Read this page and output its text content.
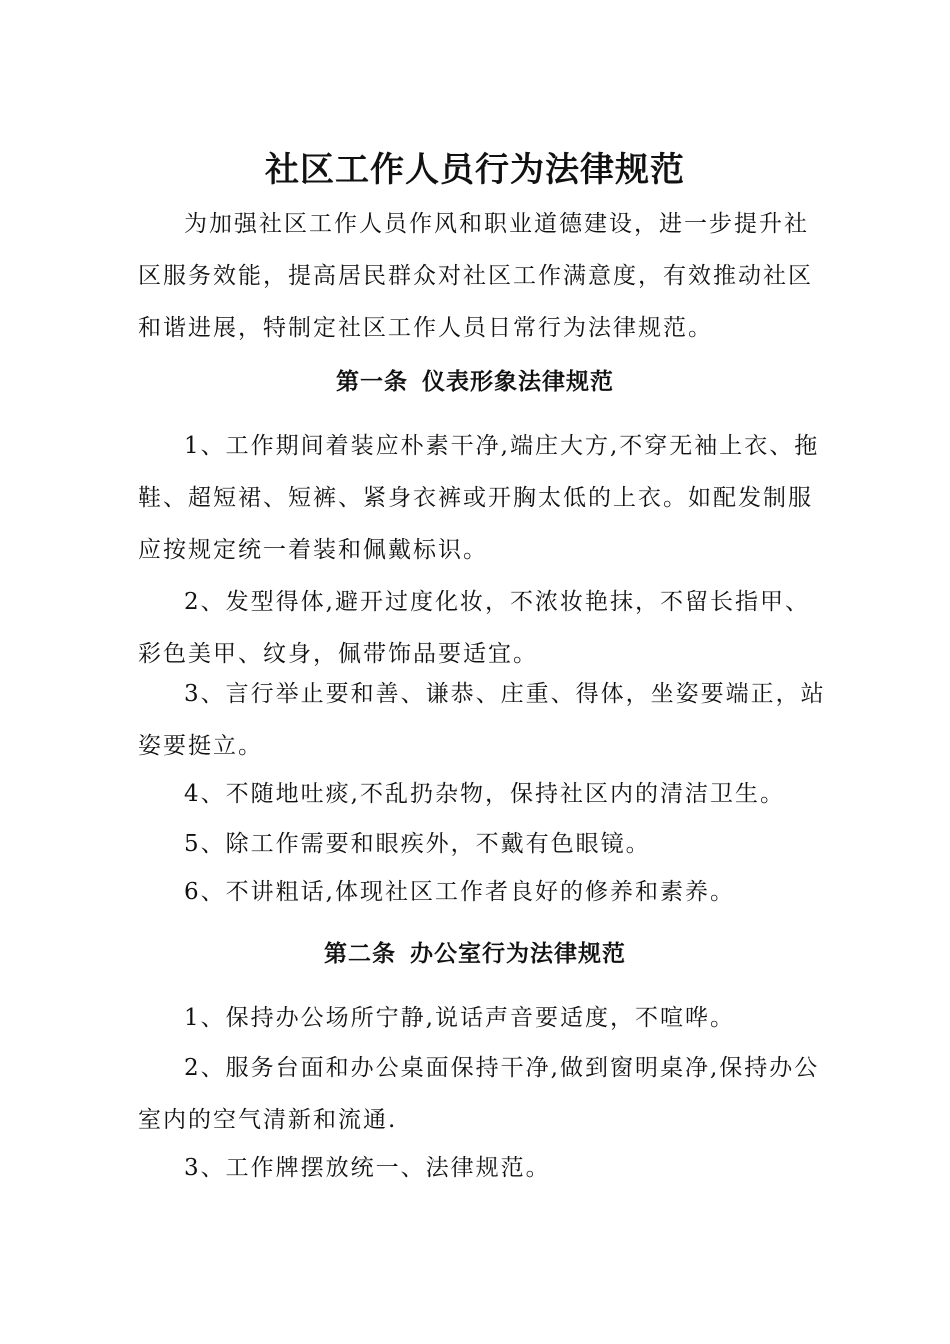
社区工作人员行为法律规范

为加强社区工作人员作风和职业道德建设，进一步提升社区服务效能，提高居民群众对社区工作满意度，有效推动社区和谐进展，特制定社区工作人员日常行为法律规范。

第一条 仪表形象法律规范

1、工作期间着装应朴素干净,端庄大方,不穿无袖上衣、拖鞋、超短裙、短裤、紧身衣裤或开胸太低的上衣。如配发制服应按规定统一着装和佩戴标识。

2、发型得体,避开过度化妆，不浓妆艳抹，不留长指甲、彩色美甲、纹身，佩带饰品要适宜。

3、言行举止要和善、谦恭、庄重、得体，坐姿要端正，站姿要挺立。

4、不随地吐痰,不乱扔杂物，保持社区内的清洁卫生。

5、除工作需要和眼疾外，不戴有色眼镜。

6、不讲粗话,体现社区工作者良好的修养和素养。

第二条 办公室行为法律规范

1、保持办公场所宁静,说话声音要适度，不喧哗。

2、服务台面和办公桌面保持干净,做到窗明桌净,保持办公室内的空气清新和流通.

3、工作牌摆放统一、法律规范。
